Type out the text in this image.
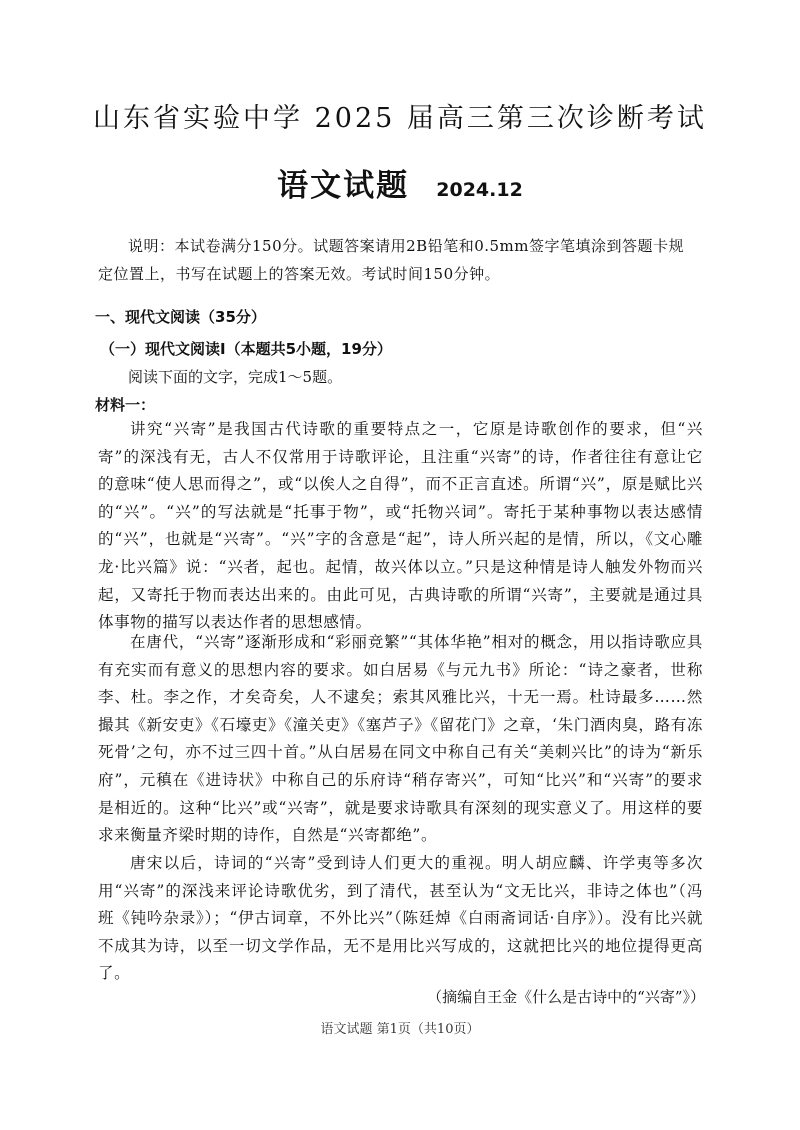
山东省实验中学 2025 届高三第三次诊断考试
语文试题 2024.12
说明：本试卷满分150分。试题答案请用2B铅笔和0.5mm签字笔填涂到答题卡规定位置上，书写在试题上的答案无效。考试时间150分钟。
一、现代文阅读（35分）
（一）现代文阅读Ⅰ（本题共5小题，19分）
阅读下面的文字，完成1～5题。
材料一：
讲究“兴寄”是我国古代诗歌的重要特点之一，它原是诗歌创作的要求，但“兴寄”的深浅有无，古人不仅常用于诗歌评论，且注重“兴寄”的诗，作者往往有意让它的意味“使人思而得之”，或“以俟人之自得”，而不正言直述。所谓“兴”，原是赋比兴的“兴”。“兴”的写法就是“托事于物”，或“托物兴词”。寄托于某种事物以表达感情的“兴”，也就是“兴寄”。“兴”字的含意是“起”，诗人所兴起的是情，所以，《文心雕龙·比兴篇》说：“兴者，起也。起情，故兴体以立。”只是这种情是诗人触发外物而兴起，又寄托于物而表达出来的。由此可见，古典诗歌的所谓“兴寄”，主要就是通过具体事物的描写以表达作者的思想感情。
在唐代，“兴寄”逐渐形成和“彩丽竞繁”“其体华艳”相对的概念，用以指诗歌应具有充实而有意义的思想内容的要求。如白居易《与元九书》所论：“诗之豪者，世称李、杜。李之作，才矣奇矣，人不逮矣；索其风雅比兴，十无一焉。杜诗最多……然撮其《新安吏》《石壕吏》《潼关吏》《塞芦子》《留花门》之章，‘朱门酒肉臭，路有冻死骨’之句，亦不过三四十首。”从白居易在同文中称自己有关“美刺兴比”的诗为“新乐府”，元稹在《进诗状》中称自己的乐府诗“稍存寄兴”，可知“比兴”和“兴寄”的要求是相近的。这种“比兴”或“兴寄”，就是要求诗歌具有深刻的现实意义了。用这样的要求来衡量齐梁时期的诗作，自然是“兴寄都绝”。
唐宋以后，诗词的“兴寄”受到诗人们更大的重视。明人胡应麟、许学夷等多次用“兴寄”的深浅来评论诗歌优劣，到了清代，甚至认为“文无比兴，非诗之体也”（冯班《钝吟杂录》）；“伊古词章，不外比兴”（陈廷焯《白雨斋词话·自序》）。没有比兴就不成其为诗，以至一切文学作品，无不是用比兴写成的，这就把比兴的地位提得更高了。
（摘编自王金《什么是古诗中的“兴寄”》）
语文试题 第1页（共10页）
